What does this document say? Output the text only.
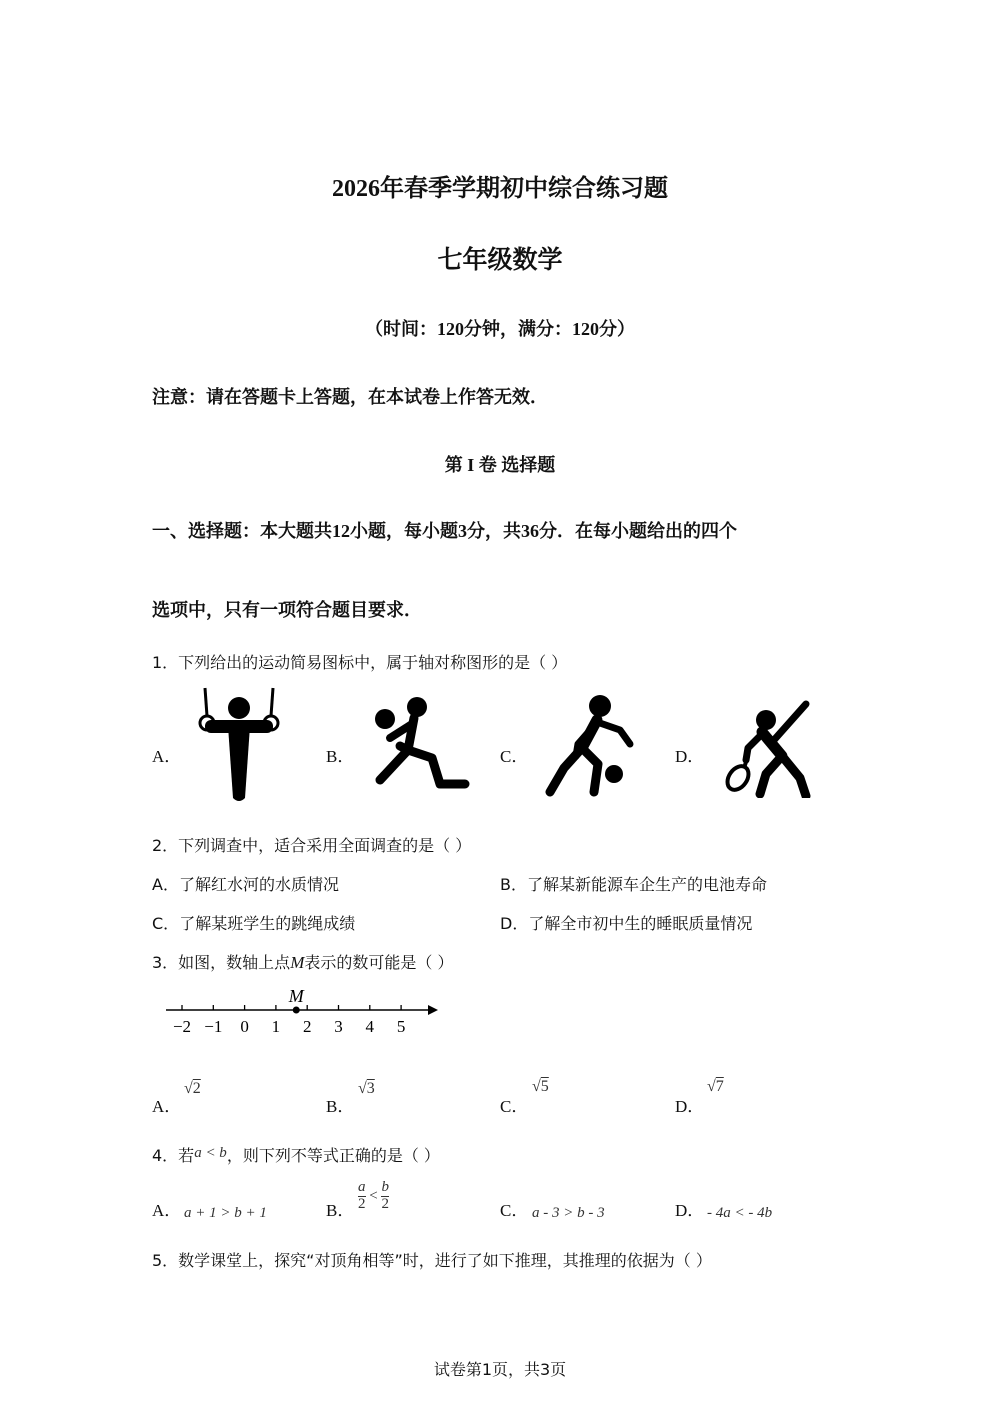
2026年春季学期初中综合练习题
七年级数学
（时间：120分钟，满分：120分）
注意：请在答题卡上答题，在本试卷上作答无效．
第 I 卷 选择题
一、选择题：本大题共12小题，每小题3分，共36分．在每小题给出的四个
选项中，只有一项符合题目要求．
1．下列给出的运动简易图标中，属于轴对称图形的是（ ）
A．	B．	C．	D．
2．下列调查中，适合采用全面调查的是（ ）
A．了解红水河的水质情况	B．了解某新能源车企生产的电池寿命
C．了解某班学生的跳绳成绩	D．了解全市初中生的睡眠质量情况
3．如图，数轴上点M表示的数可能是（ ）
−2 −1 0 1 2 3 4 5
M
A．
√2
B．
√3
C．
√5
D．
√7
4．若a < b，则下列不等式正确的是（ ）
A． a + 1 > b + 1	B． $\frac{a}{2} < \frac{b}{2}$	C． a - 3 > b - 3	D． - 4a < - 4b
5．数学课堂上，探究“对顶角相等”时，进行了如下推理，其推理的依据为（ ）
试卷第1页，共3页
